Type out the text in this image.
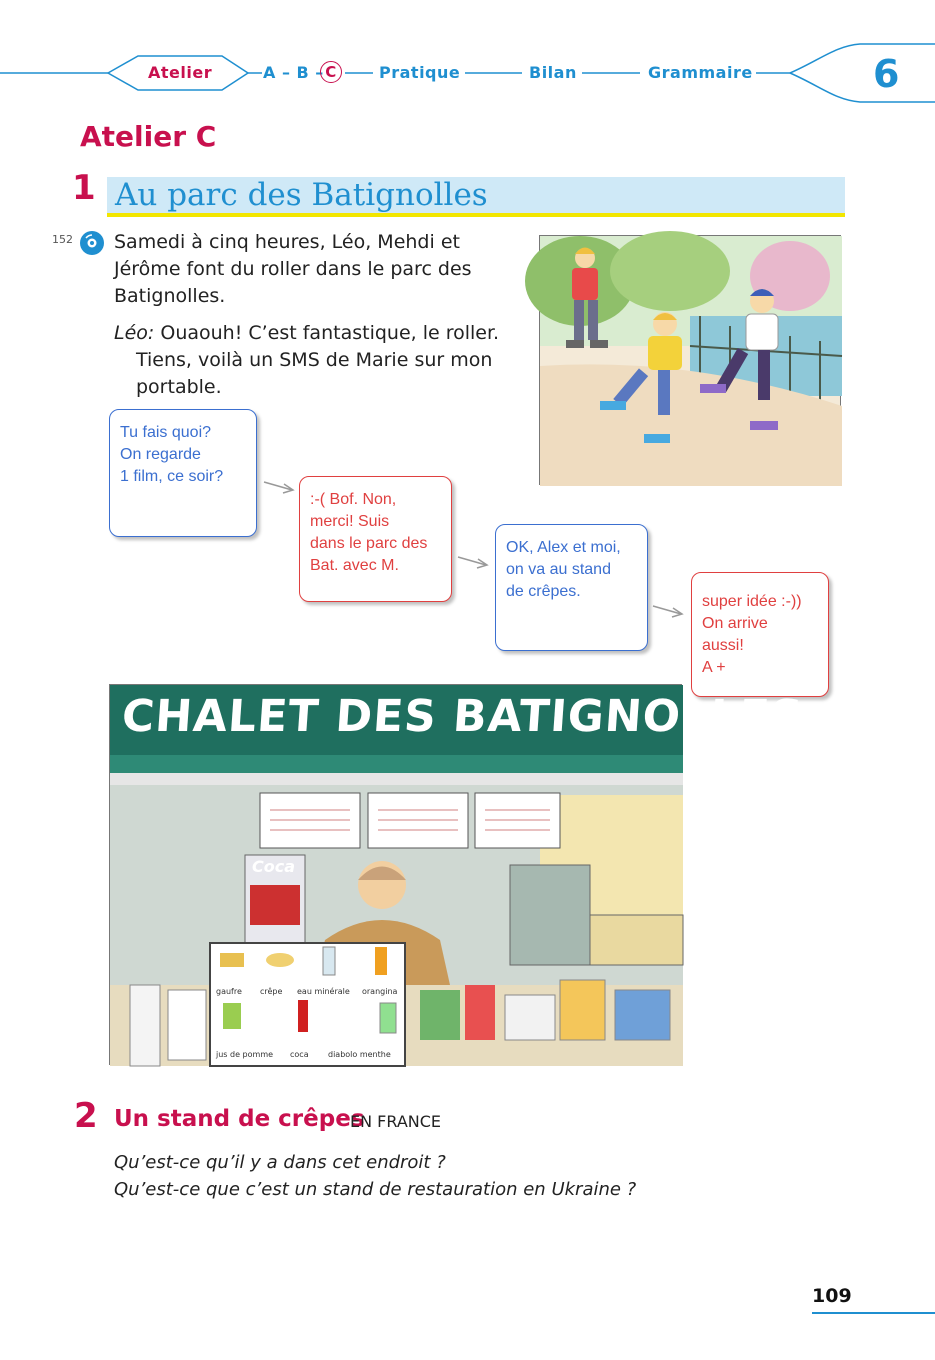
Atelier	A – B – C	Pratique	Bilan	Grammaire	6
Atelier C
1 Au parc des Batignolles
152 Samedi à cinq heures, Léo, Mehdi et Jérôme font du roller dans le parc des Batignolles.
Léo: Ouaouh! C’est fantastique, le roller. Tiens, voilà un SMS de Marie sur mon portable.
Tu fais quoi?
On regarde
1 film, ce soir?
:-( Bof. Non,
merci! Suis
dans le parc des
Bat. avec M.
OK, Alex et moi,
on va au stand
de crêpes.
super idée :-))
On arrive
aussi!
A +
CHALET DES BATIGNOLLES
Coca
gaufre crêpe eau minérale orangina
jus de pomme coca diabolo menthe
2 Un stand de crêpes
EN FRANCE
Qu’est-ce qu’il y a dans cet endroit ?
Qu’est-ce que c’est un stand de restauration en Ukraine ?
109
